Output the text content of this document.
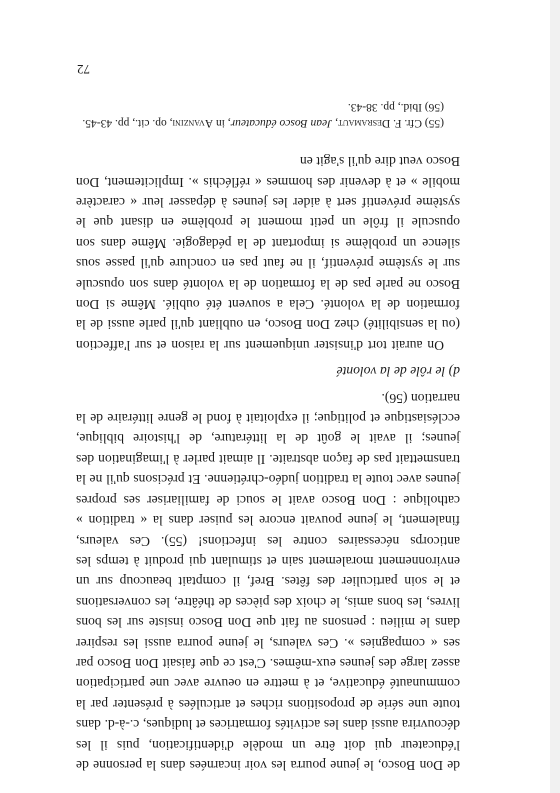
de Don Bosco, le jeune pourra les voir incarnées dans la personne de l'éducateur qui doit être un modèle d'identification, puis il les découvrira aussi dans les activités formatrices et ludiques, c.-à-d. dans toute une série de propositions riches et articulées à présenter par la communauté éducative, et à mettre en oeuvre avec une participation assez large des jeunes eux-mêmes. C'est ce que faisait Don Bosco par ses « compagnies ». Ces valeurs, le jeune pourra aussi les respirer dans le milieu : pensons au fait que Don Bosco insiste sur les bons livres, les bons amis, le choix des pièces de théâtre, les conversations et le soin particulier des fêtes. Bref, il comptait beaucoup sur un environnement moralement sain et stimulant qui produit à temps les anticorps nécessaires contre les infections! (55). Ces valeurs, finalement, le jeune pouvait encore les puiser dans la « tradition » catholique : Don Bosco avait le souci de familiariser ses propres jeunes avec toute la tradition judéo-chrétienne. Et précisons qu'il ne la transmettait pas de façon abstraite. Il aimait parler à l'imagination des jeunes; il avait le goût de la littérature, de l'histoire biblique, ecclésiastique et politique; il exploitait à fond le genre littéraire de la narration (56).

d) le rôle de la volonté

On aurait tort d'insister uniquement sur la raison et sur l'affection (ou la sensibilité) chez Don Bosco, en oubliant qu'il parle aussi de la formation de la volonté. Cela a souvent été oublié. Même si Don Bosco ne parle pas de la formation de la volonté dans son opuscule sur le système préventif, il ne faut pas en conclure qu'il passe sous silence un problème si important de la pédagogie. Même dans son opuscule il frôle un petit moment le problème en disant que le système préventif sert à aider les jeunes à dépasser leur « caractère mobile » et à devenir des hommes « réfléchis ». Implicitement, Don Bosco veut dire qu'il s'agit en

(55) Cfr. F. Desramaut, Jean Bosco éducateur, in Avanzini, op. cit., pp. 43-45.

(56) Ibid., pp. 38-43.

72
